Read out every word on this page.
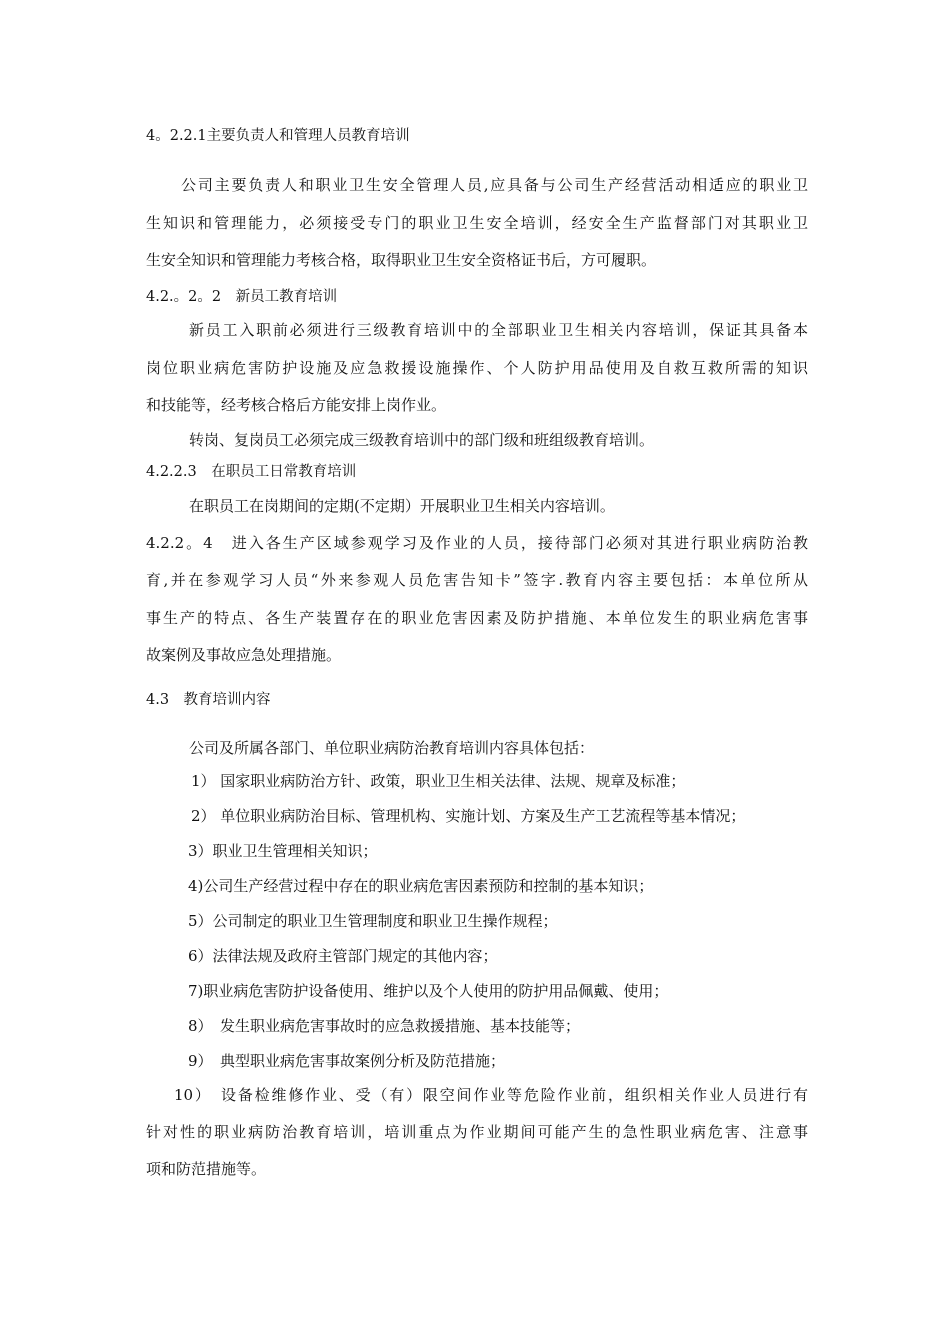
4。2.2.1主要负责人和管理人员教育培训

公司主要负责人和职业卫生安全管理人员,应具备与公司生产经营活动相适应的职业卫

生知识和管理能力，必须接受专门的职业卫生安全培训，经安全生产监督部门对其职业卫

生安全知识和管理能力考核合格，取得职业卫生安全资格证书后，方可履职。

4.2.。2。2　新员工教育培训

新员工入职前必须进行三级教育培训中的全部职业卫生相关内容培训，保证其具备本

岗位职业病危害防护设施及应急救援设施操作、个人防护用品使用及自救互救所需的知识

和技能等，经考核合格后方能安排上岗作业。

转岗、复岗员工必须完成三级教育培训中的部门级和班组级教育培训。

4.2.2.3　在职员工日常教育培训

在职员工在岗期间的定期(不定期）开展职业卫生相关内容培训。

4.2.2。4　进入各生产区域参观学习及作业的人员，接待部门必须对其进行职业病防治教

育,并在参观学习人员“外来参观人员危害告知卡”签字.教育内容主要包括：本单位所从

事生产的特点、各生产装置存在的职业危害因素及防护措施、本单位发生的职业病危害事

故案例及事故应急处理措施。

4.3　教育培训内容

公司及所属各部门、单位职业病防治教育培训内容具体包括：

1） 国家职业病防治方针、政策，职业卫生相关法律、法规、规章及标准；

2） 单位职业病防治目标、管理机构、实施计划、方案及生产工艺流程等基本情况；

3）职业卫生管理相关知识；

4)公司生产经营过程中存在的职业病危害因素预防和控制的基本知识；

5）公司制定的职业卫生管理制度和职业卫生操作规程；

6）法律法规及政府主管部门规定的其他内容；

7)职业病危害防护设备使用、维护以及个人使用的防护用品佩戴、使用；

8）　发生职业病危害事故时的应急救援措施、基本技能等；

9）　典型职业病危害事故案例分析及防范措施；

10）　设备检维修作业、受（有）限空间作业等危险作业前，组织相关作业人员进行有

针对性的职业病防治教育培训，培训重点为作业期间可能产生的急性职业病危害、注意事

项和防范措施等。
